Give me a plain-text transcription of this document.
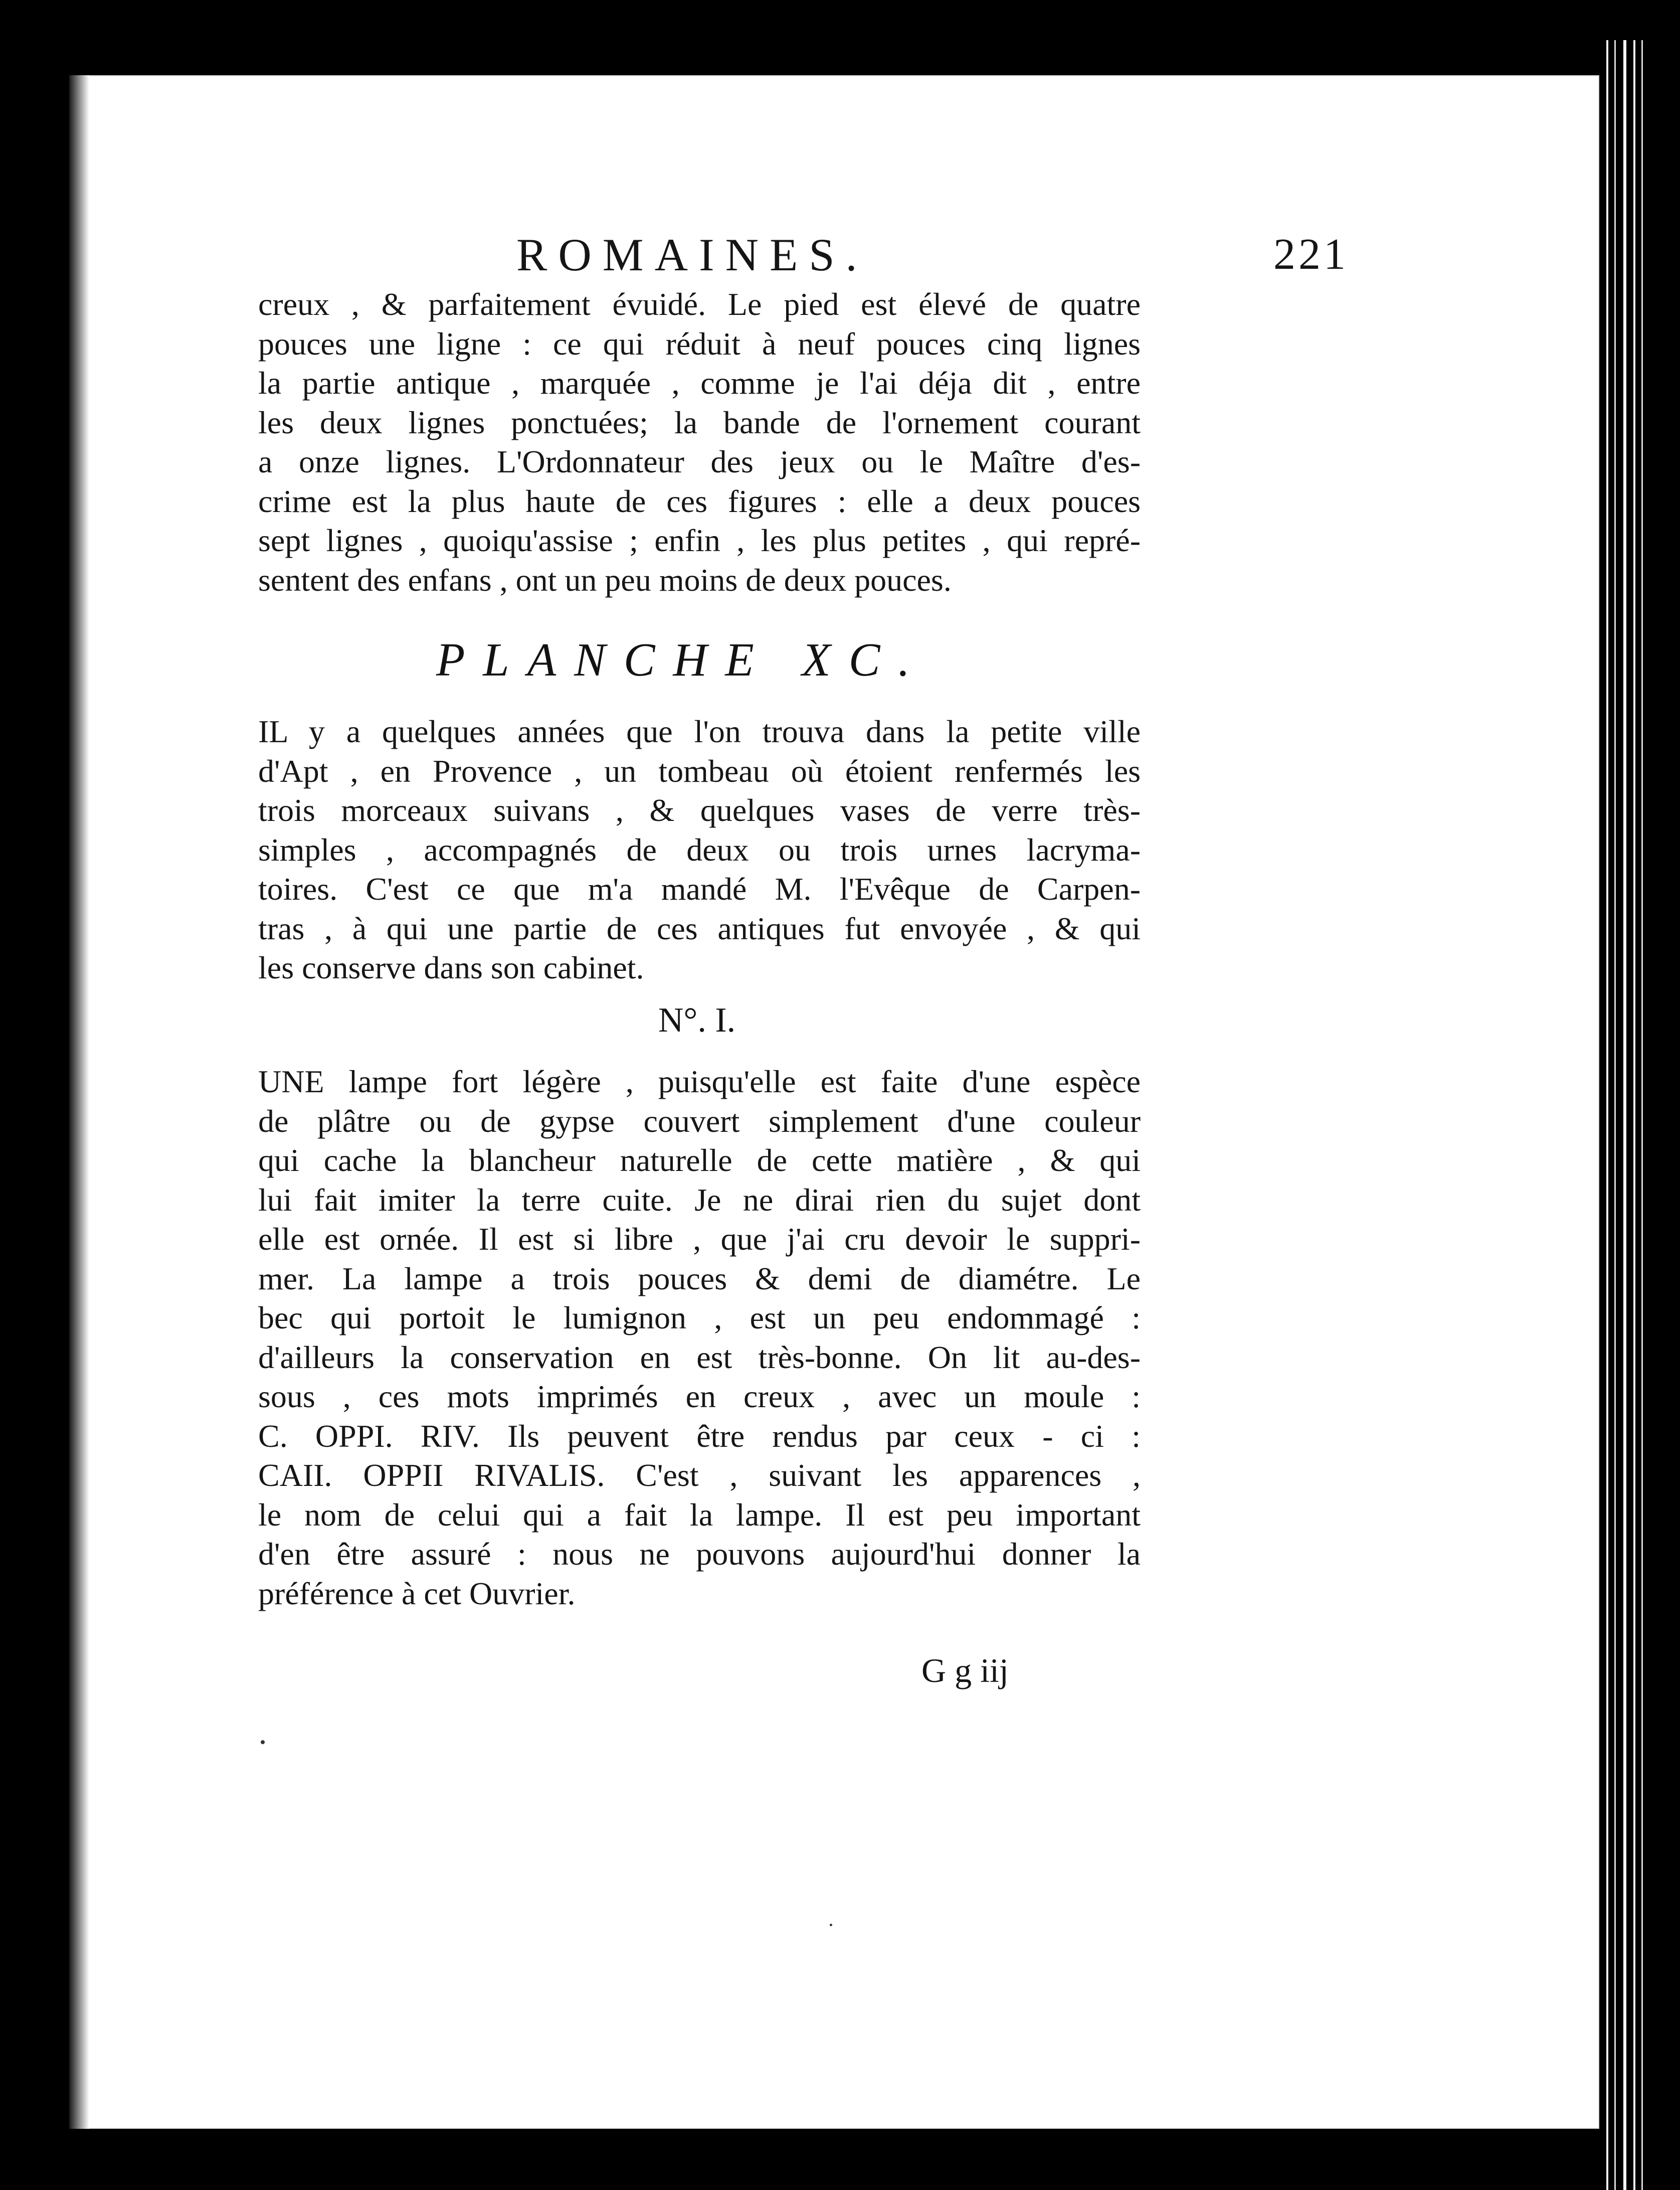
ROMAINES.	221
creux , & parfaitement évuidé. Le pied est élevé de quatre
pouces une ligne : ce qui réduit à neuf pouces cinq lignes
la partie antique , marquée , comme je l'ai déja dit , entre
les deux lignes ponctuées; la bande de l'ornement courant
a onze lignes. L'Ordonnateur des jeux ou le Maître d'es-
crime est la plus haute de ces figures : elle a deux pouces
sept lignes , quoiqu'assise ; enfin , les plus petites , qui repré-
sentent des enfans , ont un peu moins de deux pouces.
PLANCHE XC.
IL y a quelques années que l'on trouva dans la petite ville
d'Apt , en Provence , un tombeau où étoient renfermés les
trois morceaux suivans , & quelques vases de verre très-
simples , accompagnés de deux ou trois urnes lacryma-
toires. C'est ce que m'a mandé M. l'Evêque de Carpen-
tras , à qui une partie de ces antiques fut envoyée , & qui
les conserve dans son cabinet.
N°. I.
UNE lampe fort légère , puisqu'elle est faite d'une espèce
de plâtre ou de gypse couvert simplement d'une couleur
qui cache la blancheur naturelle de cette matière , & qui
lui fait imiter la terre cuite. Je ne dirai rien du sujet dont
elle est ornée. Il est si libre , que j'ai cru devoir le suppri-
mer. La lampe a trois pouces & demi de diamétre. Le
bec qui portoit le lumignon , est un peu endommagé :
d'ailleurs la conservation en est très-bonne. On lit au-des-
sous , ces mots imprimés en creux , avec un moule :
C. OPPI. RIV. Ils peuvent être rendus par ceux - ci :
CAII. OPPII RIVALIS. C'est , suivant les apparences ,
le nom de celui qui a fait la lampe. Il est peu important
d'en être assuré : nous ne pouvons aujourd'hui donner la
préférence à cet Ouvrier.
G g iij
